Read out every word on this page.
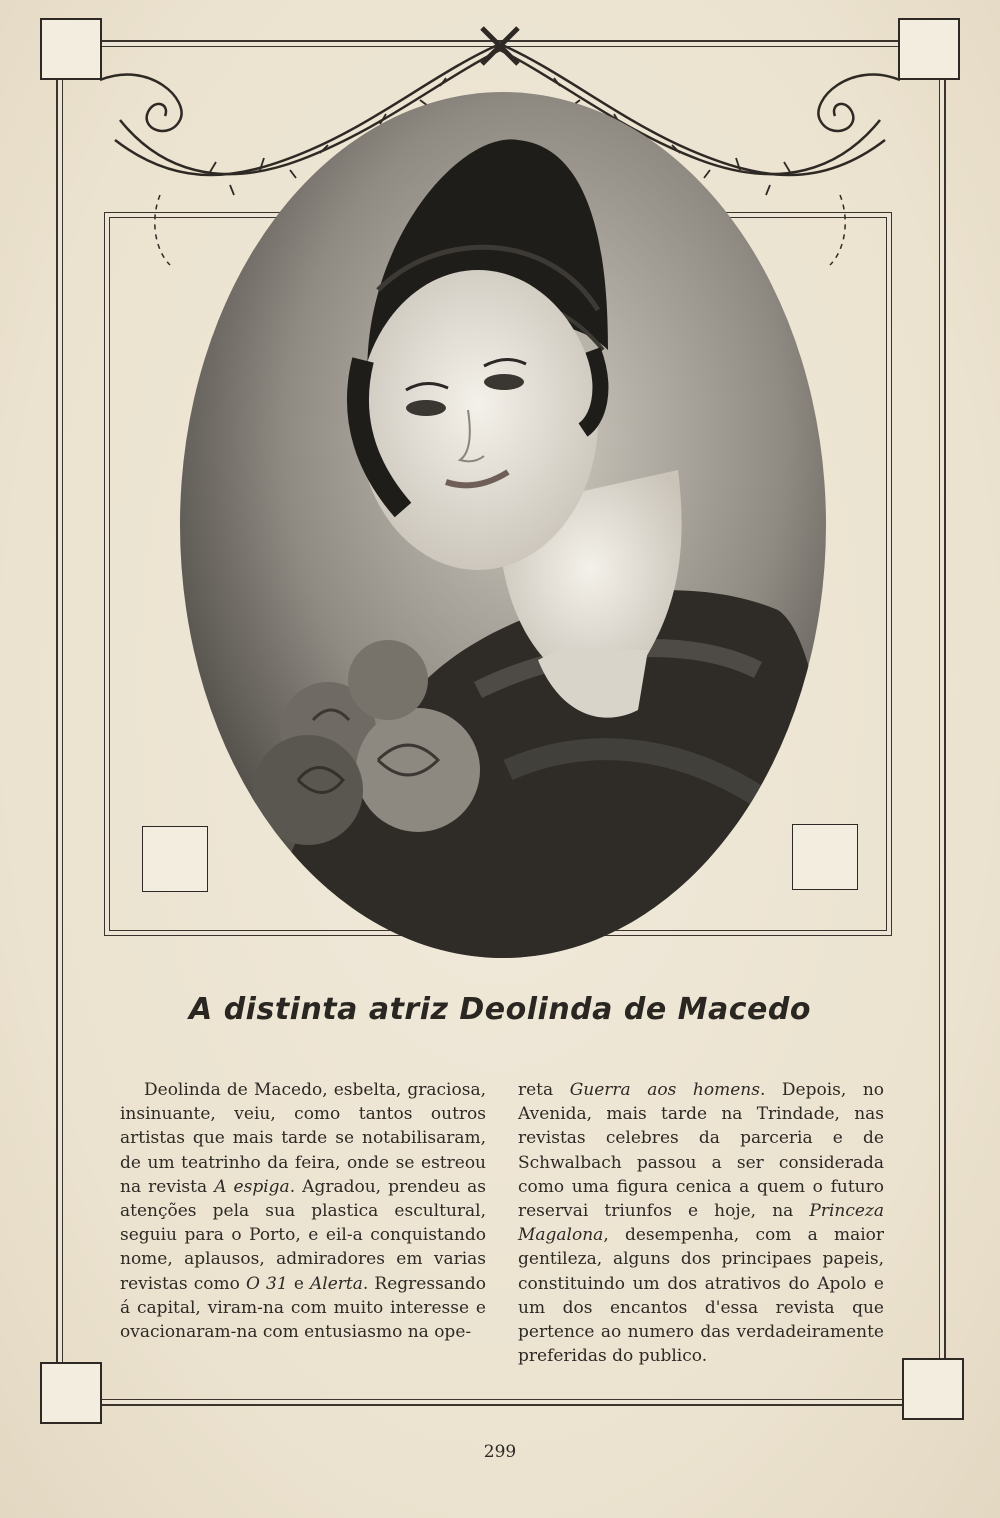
A distinta atriz Deolinda de Macedo
Deolinda de Macedo, esbelta, graciosa, insinuante, veiu, como tantos outros artistas que mais tarde se notabilisaram, de um teatrinho da feira, onde se estreou na revista A espiga. Agradou, prendeu as atenções pela sua plastica escultural, seguiu para o Porto, e eil-a conquistando nome, aplausos, admiradores em varias revistas como O 31 e Alerta. Regressando á capital, viram-na com muito interesse e ovacionaram-na com entusiasmo na ope-
reta Guerra aos homens. Depois, no Avenida, mais tarde na Trindade, nas revistas celebres da parceria e de Schwalbach passou a ser considerada como uma figura cenica a quem o futuro reservai triunfos e hoje, na Princeza Magalona, desempenha, com a maior gentileza, alguns dos principaes papeis, constituindo um dos atrativos do Apolo e um dos encantos d'essa revista que pertence ao numero das verdadeiramente preferidas do publico.
299
